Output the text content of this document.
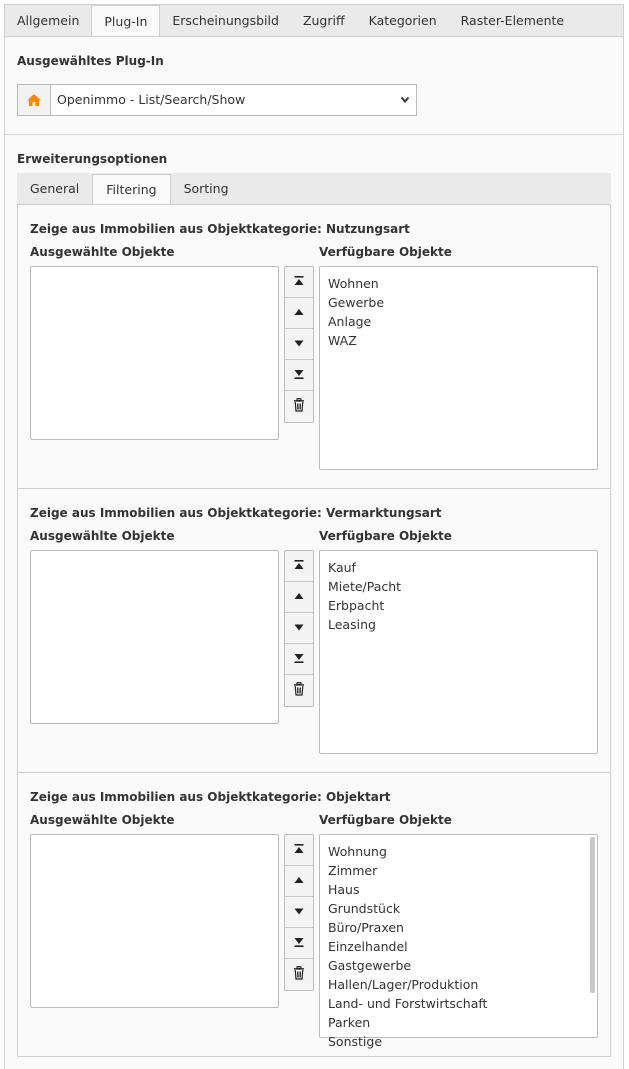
Allgemein	Plug-In	Erscheinungsbild	Zugriff	Kategorien	Raster-Elemente
Ausgewähltes Plug-In
Openimmo - List/Search/Show
Erweiterungsoptionen
General	Filtering	Sorting
Zeige aus Immobilien aus Objektkategorie: Nutzungsart
Ausgewählte Objekte	Verfügbare Objekte
Wohnen
Gewerbe
Anlage
WAZ
Zeige aus Immobilien aus Objektkategorie: Vermarktungsart
Ausgewählte Objekte	Verfügbare Objekte
Kauf
Miete/Pacht
Erbpacht
Leasing
Zeige aus Immobilien aus Objektkategorie: Objektart
Ausgewählte Objekte	Verfügbare Objekte
Wohnung
Zimmer
Haus
Grundstück
Büro/Praxen
Einzelhandel
Gastgewerbe
Hallen/Lager/Produktion
Land- und Forstwirtschaft
Parken
Sonstige
